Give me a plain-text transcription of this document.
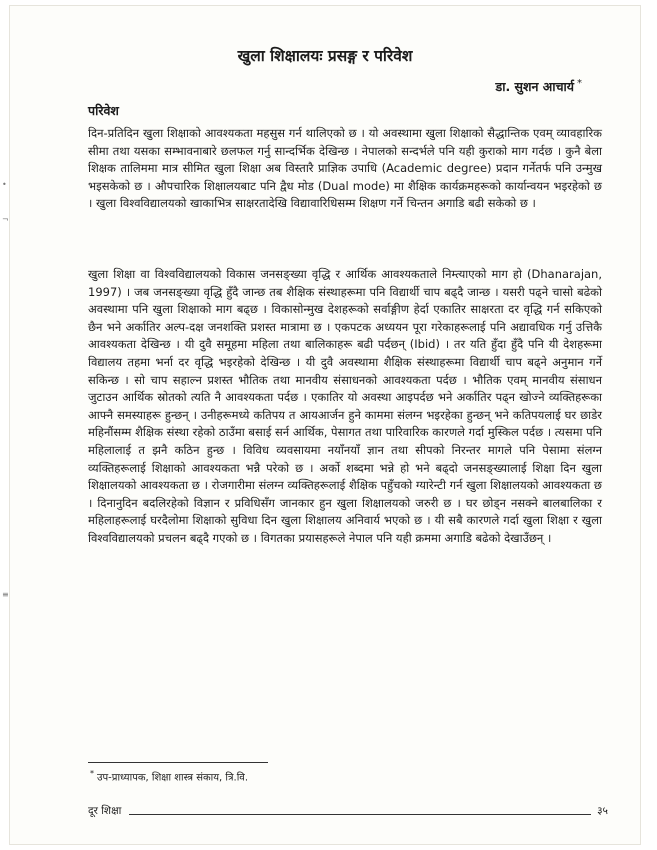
खुला शिक्षालयः प्रसङ्ग र परिवेश
डा. सुशन आचार्य *
परिवेश

दिन-प्रतिदिन खुला शिक्षाको आवश्यकता महसुस गर्न थालिएको छ । यो अवस्थामा खुला शिक्षाको सैद्धान्तिक एवम् व्यावहारिक सीमा तथा यसका सम्भावनाबारे छलफल गर्नु सान्दर्भिक देखिन्छ । नेपालको सन्दर्भले पनि यही कुराको माग गर्दछ । कुनै बेला शिक्षक तालिममा मात्र सीमित खुला शिक्षा अब विस्तारै प्राज्ञिक उपाधि (Academic degree) प्रदान गर्नेतर्फ पनि उन्मुख भइसकेको छ । औपचारिक शिक्षालयबाट पनि द्वैध मोड (Dual mode) मा शैक्षिक कार्यक्रमहरूको कार्यान्वयन भइरहेको छ । खुला विश्वविद्यालयको खाकाभित्र साक्षरतादेखि विद्यावारिधिसम्म शिक्षण गर्ने चिन्तन अगाडि बढी सकेको छ ।

खुला शिक्षा वा विश्वविद्यालयको विकास जनसङ्ख्या वृद्धि र आर्थिक आवश्यकताले निम्त्याएको माग हो (Dhanarajan, 1997) । जब जनसङ्ख्या वृद्धि हुँदै जान्छ तब शैक्षिक संस्थाहरूमा पनि विद्यार्थी चाप बढ्दै जान्छ । यसरी पढ्ने चासो बढेको अवस्थामा पनि खुला शिक्षाको माग बढ्छ । विकासोन्मुख देशहरूको सर्वाङ्गीण हेर्दा एकातिर साक्षरता दर वृद्धि गर्न सकिएको छैन भने अर्कातिर अल्प-दक्ष जनशक्ति प्रशस्त मात्रामा छ । एकपटक अध्ययन पूरा गरेकाहरूलाई पनि अद्यावधिक गर्नु उत्तिकै आवश्यकता देखिन्छ । यी दुवै समूहमा महिला तथा बालिकाहरू बढी पर्दछन् (Ibid) । तर यति हुँदा हुँदै पनि यी देशहरूमा विद्यालय तहमा भर्ना दर वृद्धि भइरहेको देखिन्छ । यी दुवै अवस्थामा शैक्षिक संस्थाहरूमा विद्यार्थी चाप बढ्ने अनुमान गर्ने सकिन्छ । सो चाप सहाल्न प्रशस्त भौतिक तथा मानवीय संसाधनको आवश्यकता पर्दछ । भौतिक एवम् मानवीय संसाधन जुटाउन आर्थिक स्रोतको त्यति नै आवश्यकता पर्दछ । एकातिर यो अवस्था आइपर्दछ भने अर्कातिर पढ्न खोज्ने व्यक्तिहरूका आफ्नै समस्याहरू हुन्छन् । उनीहरूमध्ये कतिपय त आयआर्जन हुने काममा संलग्न भइरहेका हुन्छन् भने कतिपयलाई घर छाडेर महिनौंसम्म शैक्षिक संस्था रहेको ठाउँमा बसाई सर्न आर्थिक, पेसागत तथा पारिवारिक कारणले गर्दा मुस्किल पर्दछ । त्यसमा पनि महिलालाई त झनै कठिन हुन्छ । विविध व्यवसायमा नयाँनयाँ ज्ञान तथा सीपको निरन्तर मागले पनि पेसामा संलग्न व्यक्तिहरूलाई शिक्षाको आवश्यकता भन्नै परेको छ । अर्को शब्दमा भन्ने हो भने बढ्दो जनसङ्ख्यालाई शिक्षा दिन खुला शिक्षालयको आवश्यकता छ । रोजगारीमा संलग्न व्यक्तिहरूलाई शैक्षिक पहुँचको ग्यारेन्टी गर्न खुला शिक्षालयको आवश्यकता छ । दिनानुदिन बदलिरहेको विज्ञान र प्रविधिसँग जानकार हुन खुला शिक्षालयको जरुरी छ । घर छोड्न नसक्ने बालबालिका र महिलाहरूलाई घरदैलोमा शिक्षाको सुविधा दिन खुला शिक्षालय अनिवार्य भएको छ । यी सबै कारणले गर्दा खुला शिक्षा र खुला विश्वविद्यालयको प्रचलन बढ्दै गएको छ । विगतका प्रयासहरूले नेपाल पनि यही क्रममा अगाडि बढेको देखाउँछन् ।

* उप-प्राध्यापक, शिक्षा शास्त्र संकाय, त्रि.वि.
दूर शिक्षा	३५
•
¬
≡
